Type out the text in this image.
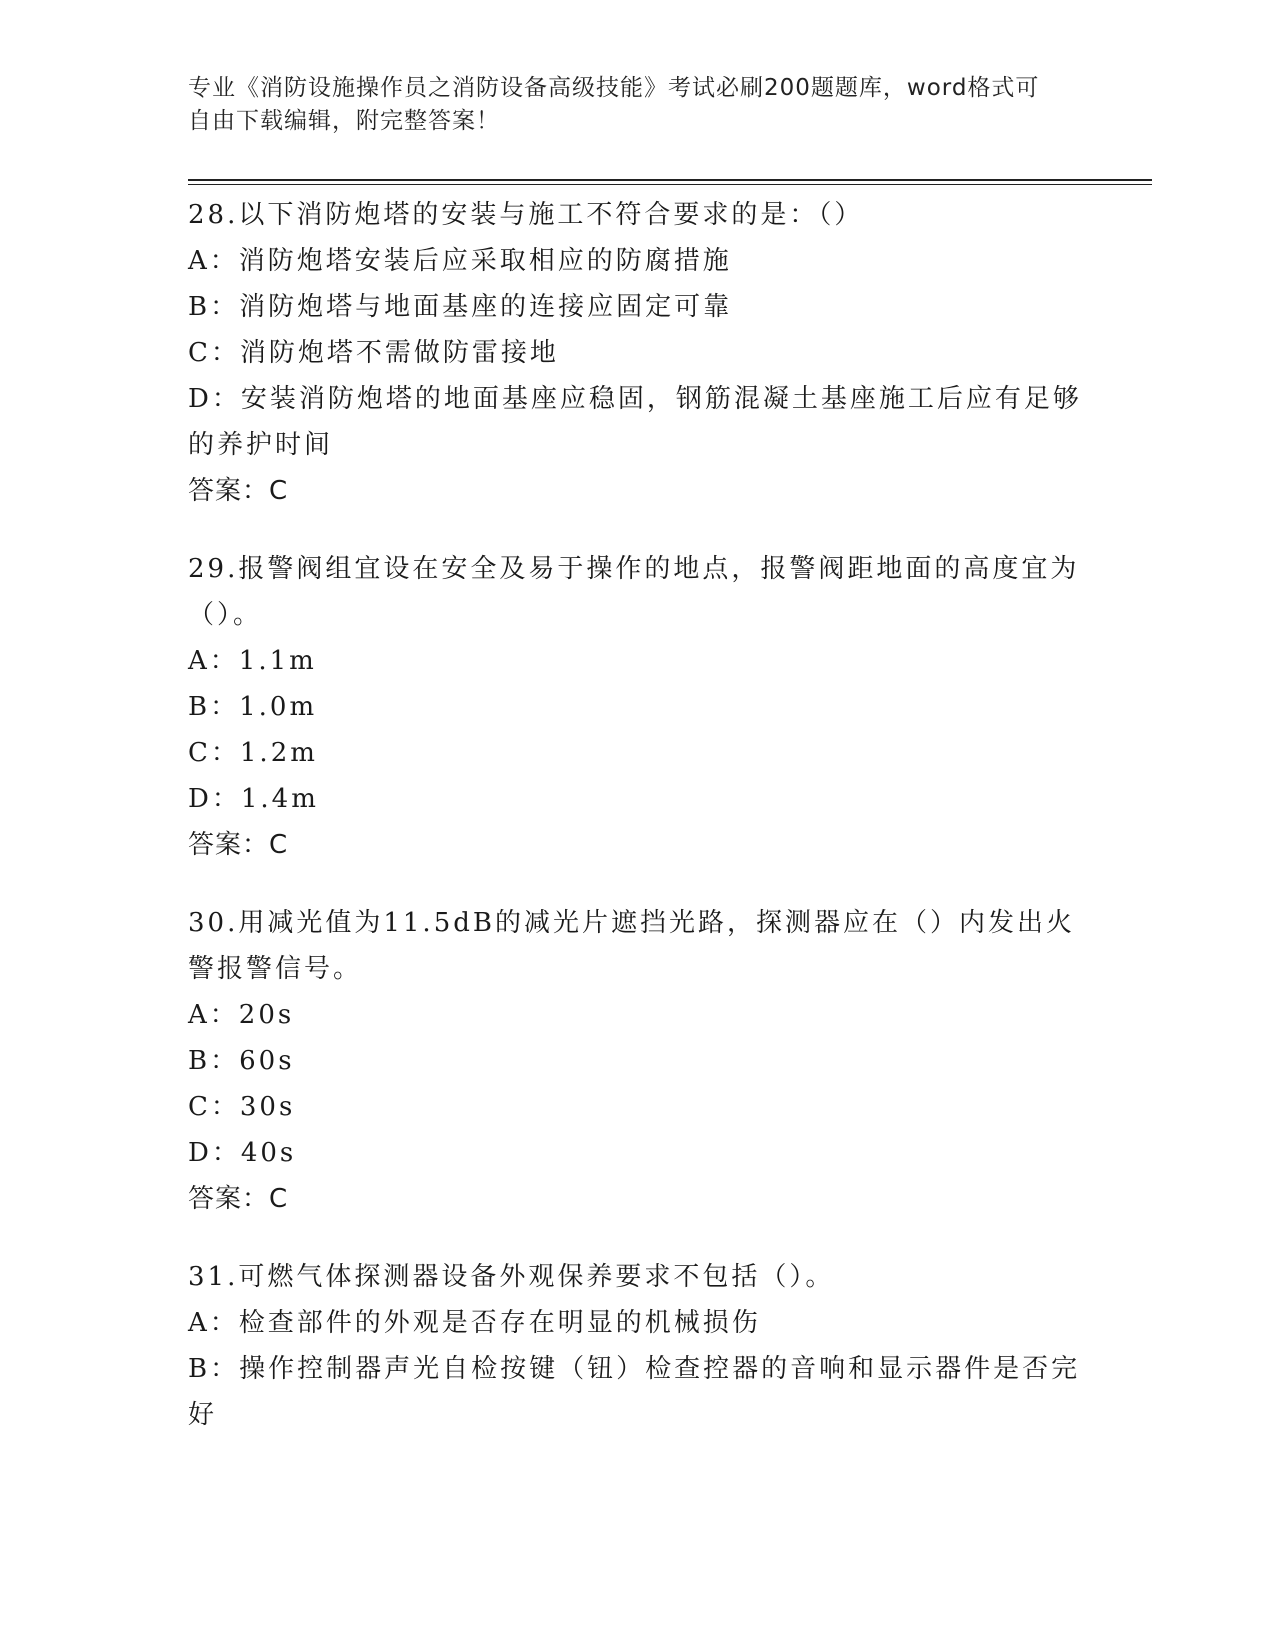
专业《消防设施操作员之消防设备高级技能》考试必刷200题题库，word格式可
自由下载编辑，附完整答案！
28.以下消防炮塔的安装与施工不符合要求的是：（）
A：消防炮塔安装后应采取相应的防腐措施
B：消防炮塔与地面基座的连接应固定可靠
C：消防炮塔不需做防雷接地
D：安装消防炮塔的地面基座应稳固，钢筋混凝土基座施工后应有足够
的养护时间
答案：C
29.报警阀组宜设在安全及易于操作的地点，报警阀距地面的高度宜为
（）。
A：1.1m
B：1.0m
C：1.2m
D：1.4m
答案：C
30.用减光值为11.5dB的减光片遮挡光路，探测器应在（）内发出火
警报警信号。
A：20s
B：60s
C：30s
D：40s
答案：C
31.可燃气体探测器设备外观保养要求不包括（）。
A：检查部件的外观是否存在明显的机械损伤
B：操作控制器声光自检按键（钮）检查控器的音响和显示器件是否完
好
